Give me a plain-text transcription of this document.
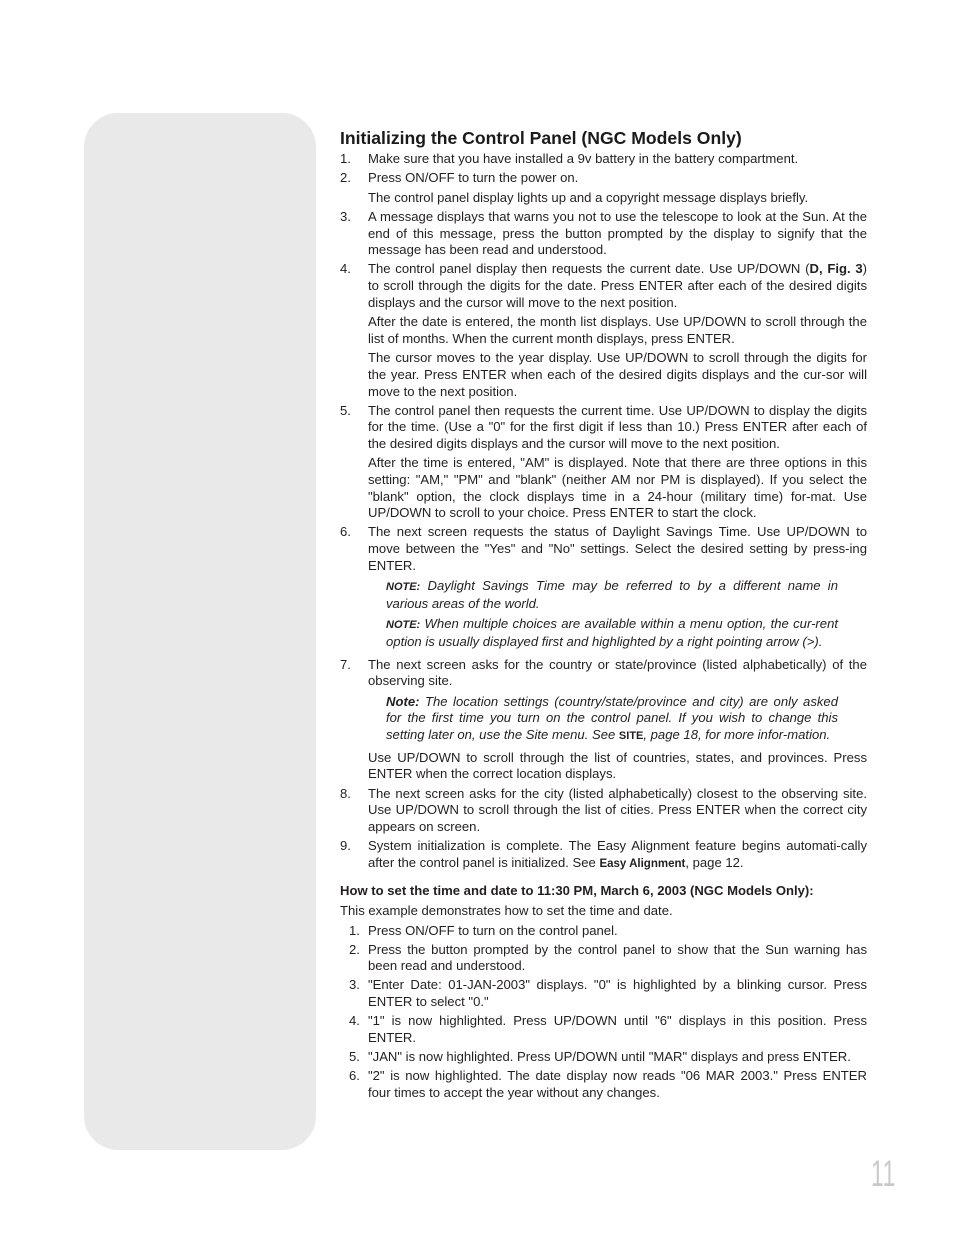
Initializing the Control Panel (NGC Models Only)
1. Make sure that you have installed a 9v battery in the battery compartment.

2. Press ON/OFF to turn the power on.

The control panel display lights up and a copyright message displays briefly.

3. A message displays that warns you not to use the telescope to look at the Sun. At the end of this message, press the button prompted by the display to signify that the message has been read and understood.

4. The control panel display then requests the current date. Use UP/DOWN (D, Fig. 3) to scroll through the digits for the date. Press ENTER after each of the desired digits displays and the cursor will move to the next position.

After the date is entered, the month list displays. Use UP/DOWN to scroll through the list of months. When the current month displays, press ENTER.

The cursor moves to the year display. Use UP/DOWN to scroll through the digits for the year. Press ENTER when each of the desired digits displays and the cur-sor will move to the next position.

5. The control panel then requests the current time. Use UP/DOWN to display the digits for the time. (Use a "0" for the first digit if less than 10.) Press ENTER after each of the desired digits displays and the cursor will move to the next position.

After the time is entered, "AM" is displayed. Note that there are three options in this setting: "AM," "PM" and "blank" (neither AM nor PM is displayed). If you select the "blank" option, the clock displays time in a 24-hour (military time) for-mat. Use UP/DOWN to scroll to your choice. Press ENTER to start the clock.

6. The next screen requests the status of Daylight Savings Time. Use UP/DOWN to move between the "Yes" and "No" settings. Select the desired setting by press-ing ENTER.

NOTE: Daylight Savings Time may be referred to by a different name in various areas of the world.

NOTE: When multiple choices are available within a menu option, the cur-rent option is usually displayed first and highlighted by a right pointing arrow (>).

7. The next screen asks for the country or state/province (listed alphabetically) of the observing site.

Note: The location settings (country/state/province and city) are only asked for the first time you turn on the control panel. If you wish to change this setting later on, use the Site menu. See SITE, page 18, for more infor-mation.

Use UP/DOWN to scroll through the list of countries, states, and provinces. Press ENTER when the correct location displays.

8. The next screen asks for the city (listed alphabetically) closest to the observing site. Use UP/DOWN to scroll through the list of cities. Press ENTER when the correct city appears on screen.

9. System initialization is complete. The Easy Alignment feature begins automati-cally after the control panel is initialized. See Easy Alignment, page 12.

How to set the time and date to 11:30 PM, March 6, 2003 (NGC Models Only):

This example demonstrates how to set the time and date.

1. Press ON/OFF to turn on the control panel.

2. Press the button prompted by the control panel to show that the Sun warning has been read and understood.

3. "Enter Date: 01-JAN-2003" displays. "0" is highlighted by a blinking cursor. Press ENTER to select "0."

4. "1" is now highlighted. Press UP/DOWN until "6" displays in this position. Press ENTER.

5. "JAN" is now highlighted. Press UP/DOWN until "MAR" displays and press ENTER.

6. "2" is now highlighted. The date display now reads "06 MAR 2003." Press ENTER four times to accept the year without any changes.

11
